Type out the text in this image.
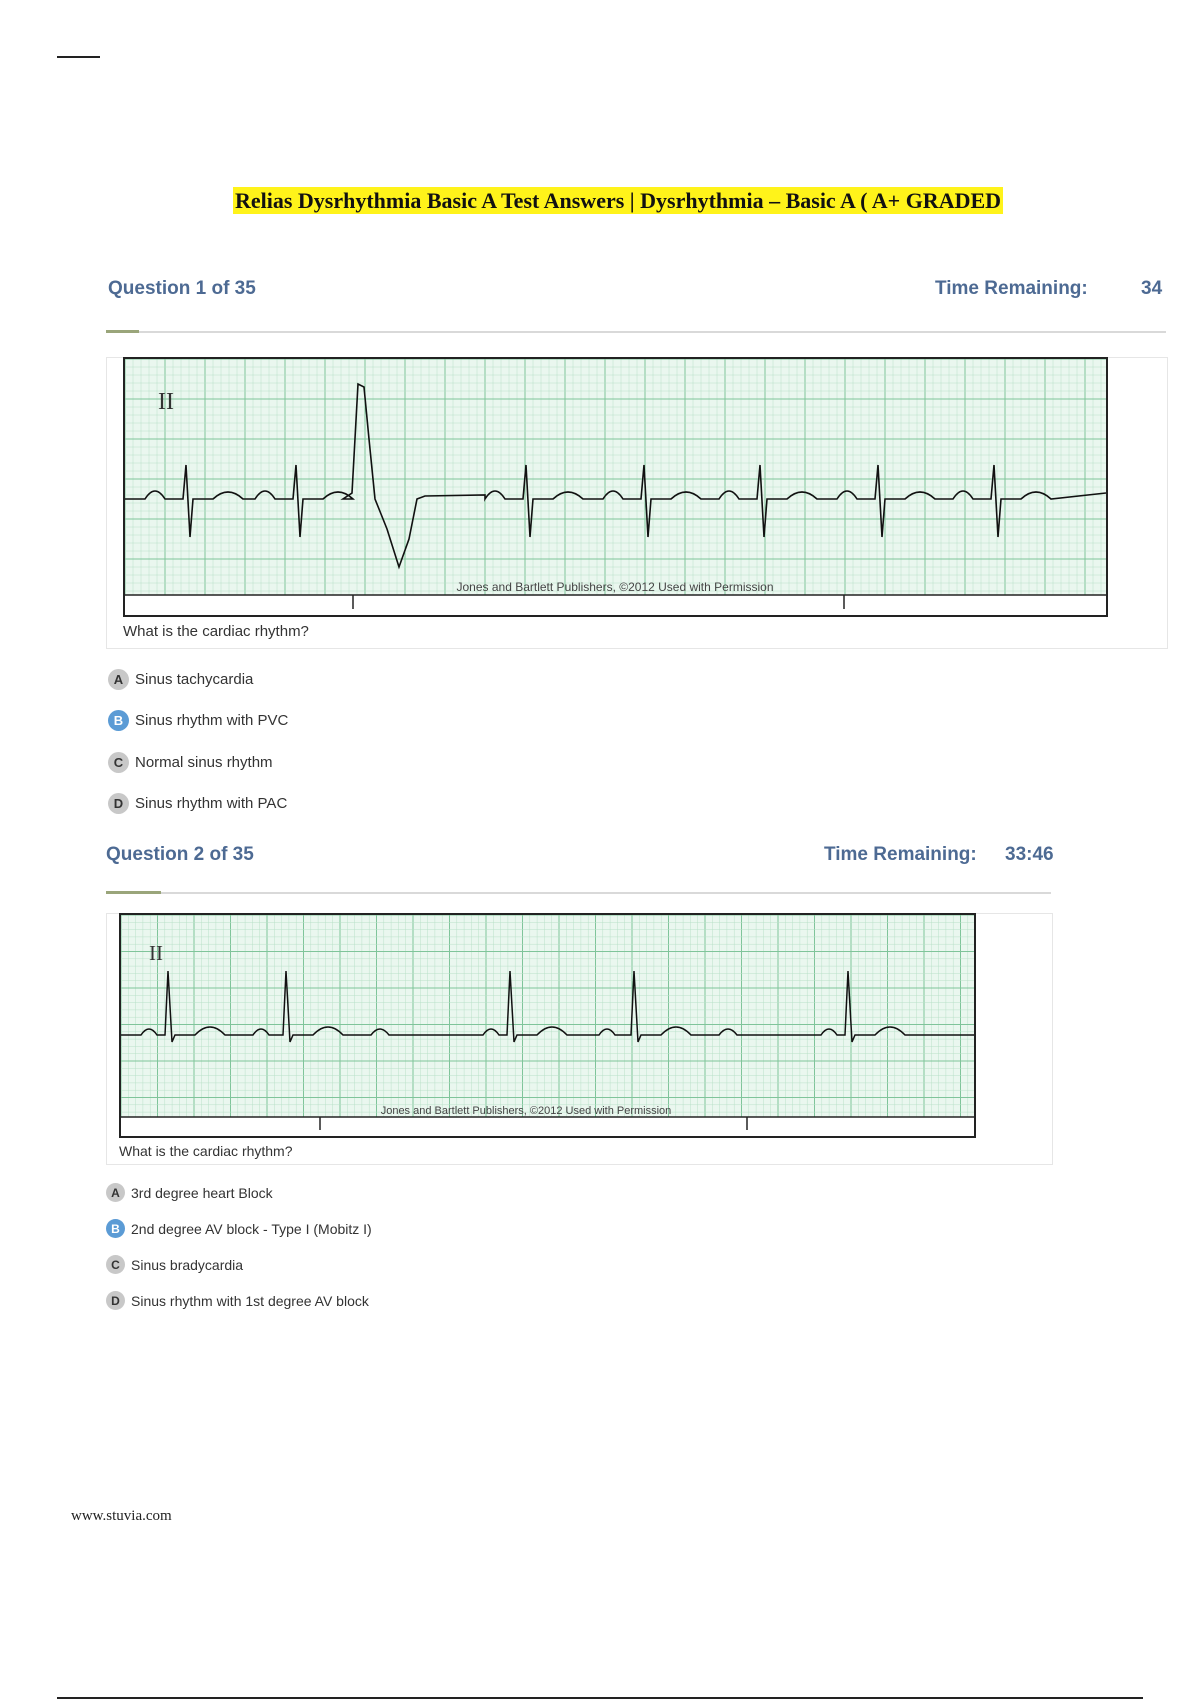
Relias Dysrhythmia Basic A Test Answers | Dysrhythmia – Basic A ( A+ GRADED
Question 1 of 35	Time Remaining:	34
II
Jones and Bartlett Publishers, ©2012 Used with Permission
What is the cardiac rhythm?
A Sinus tachycardia
B Sinus rhythm with PVC
C Normal sinus rhythm
D Sinus rhythm with PAC
Question 2 of 35	Time Remaining: 33:46
II
Jones and Bartlett Publishers, ©2012 Used with Permission
What is the cardiac rhythm?
A 3rd degree heart Block
B 2nd degree AV block - Type I (Mobitz I)
C Sinus bradycardia
D Sinus rhythm with 1st degree AV block
www.stuvia.com
